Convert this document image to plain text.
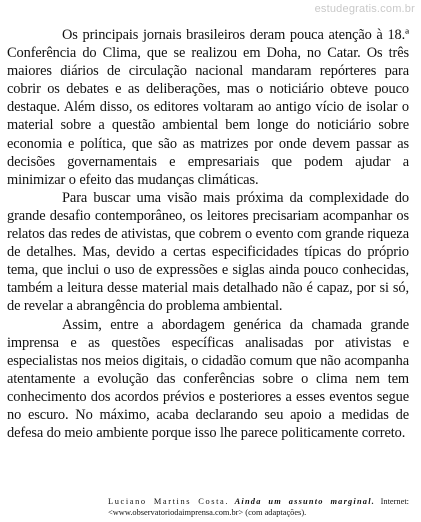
estudegratis.com.br

Os principais jornais brasileiros deram pouca atenção à 18.ª Conferência do Clima, que se realizou em Doha, no Catar. Os três maiores diários de circulação nacional mandaram repórteres para cobrir os debates e as deliberações, mas o noticiário obteve pouco destaque. Além disso, os editores voltaram ao antigo vício de isolar o material sobre a questão ambiental bem longe do noticiário sobre economia e política, que são as matrizes por onde devem passar as decisões governamentais e empresariais que podem ajudar a minimizar o efeito das mudanças climáticas.

Para buscar uma visão mais próxima da complexidade do grande desafio contemporâneo, os leitores precisariam acompanhar os relatos das redes de ativistas, que cobrem o evento com grande riqueza de detalhes. Mas, devido a certas especificidades típicas do próprio tema, que inclui o uso de expressões e siglas ainda pouco conhecidas, também a leitura desse material mais detalhado não é capaz, por si só, de revelar a abrangência do problema ambiental.

Assim, entre a abordagem genérica da chamada grande imprensa e as questões específicas analisadas por ativistas e especialistas nos meios digitais, o cidadão comum que não acompanha atentamente a evolução das conferências sobre o clima nem tem conhecimento dos acordos prévios e posteriores a esses eventos segue no escuro. No máximo, acaba declarando seu apoio a medidas de defesa do meio ambiente porque isso lhe parece politicamente correto.

Luciano Martins Costa. Ainda um assunto marginal. Internet: <www.observatoriodaimprensa.com.br> (com adaptações).
